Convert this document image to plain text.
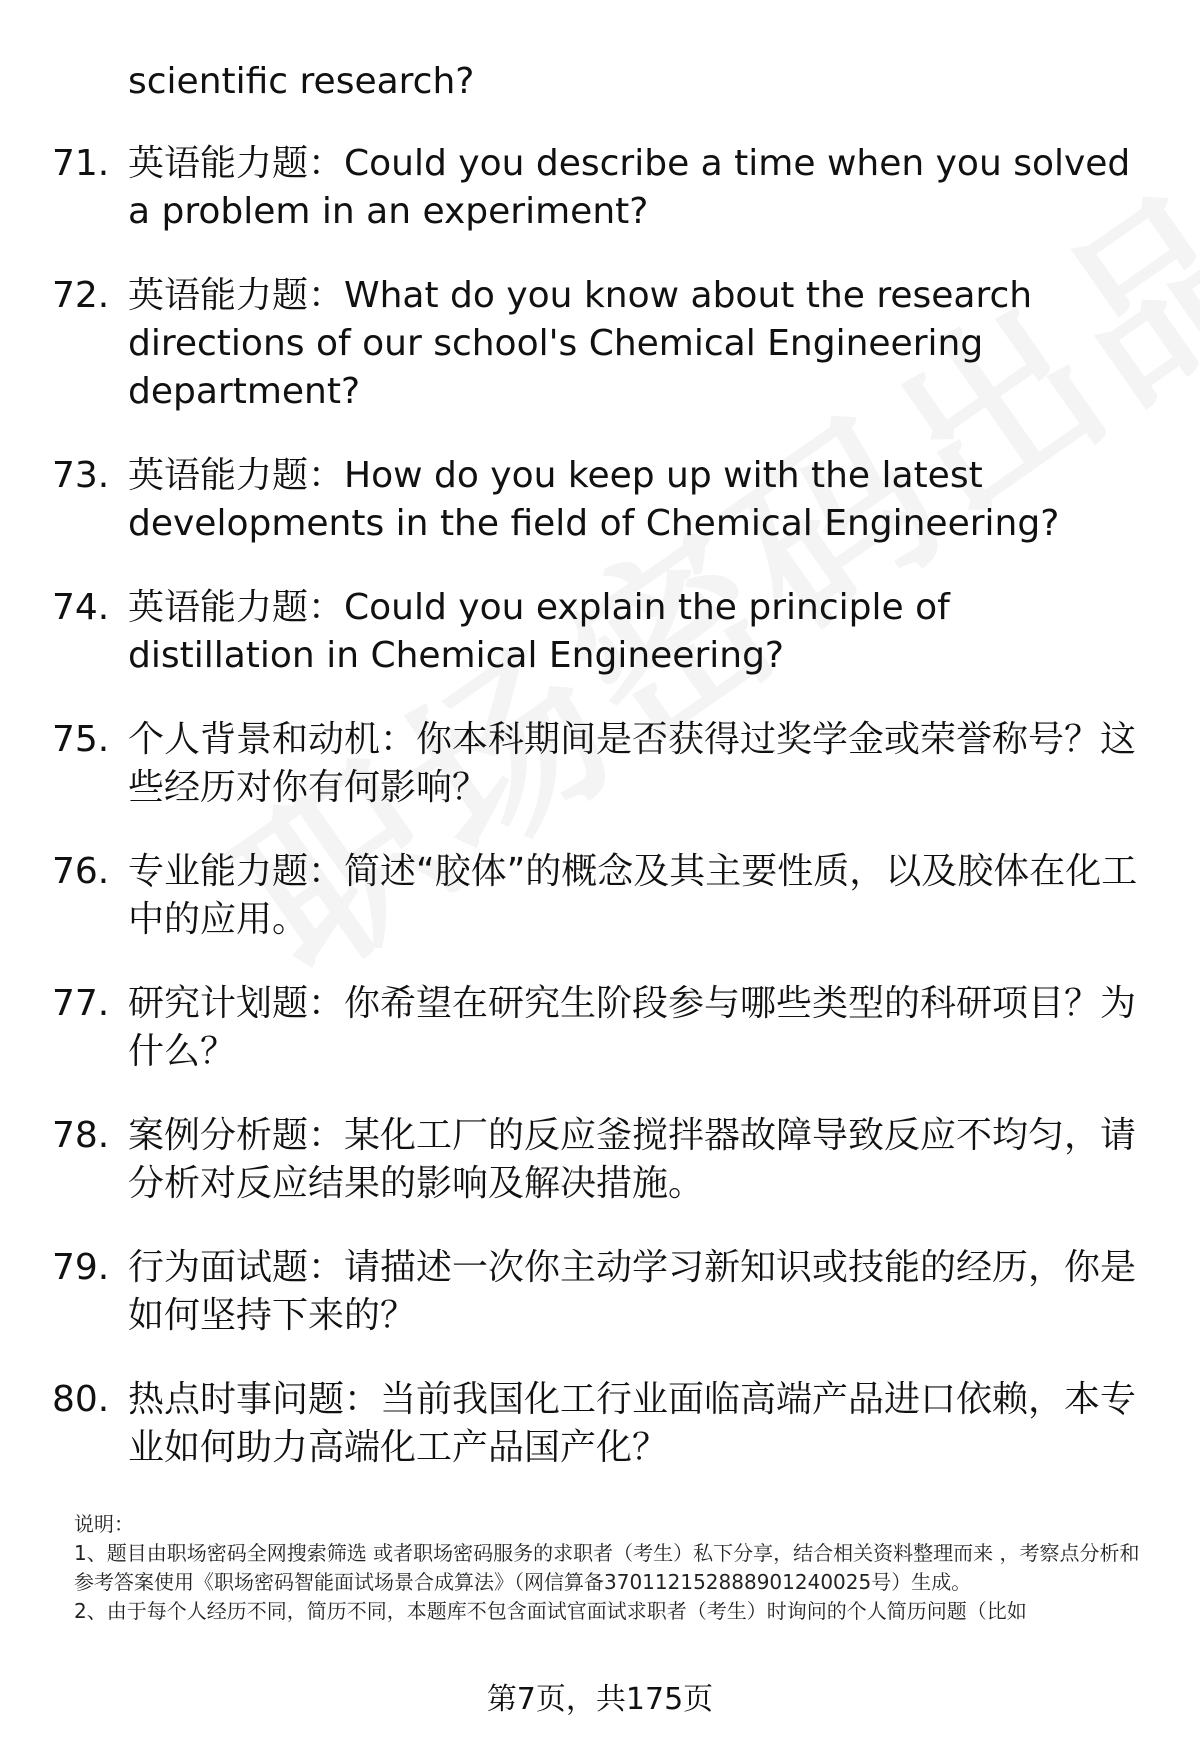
scientific research?
71. 英语能力题：Could you describe a time when you solved a problem in an experiment?
72. 英语能力题：What do you know about the research directions of our school's Chemical Engineering department?
73. 英语能力题：How do you keep up with the latest developments in the field of Chemical Engineering?
74. 英语能力题：Could you explain the principle of distillation in Chemical Engineering?
75. 个人背景和动机：你本科期间是否获得过奖学金或荣誉称号？这些经历对你有何影响？
76. 专业能力题：简述“胶体”的概念及其主要性质，以及胶体在化工中的应用。
77. 研究计划题：你希望在研究生阶段参与哪些类型的科研项目？为什么？
78. 案例分析题：某化工厂的反应釜搅拌器故障导致反应不均匀，请分析对反应结果的影响及解决措施。
79. 行为面试题：请描述一次你主动学习新知识或技能的经历，你是如何坚持下来的？
80. 热点时事问题：当前我国化工行业面临高端产品进口依赖，本专业如何助力高端化工产品国产化？

说明：

1、题目由职场密码全网搜索筛选 或者职场密码服务的求职者（考生）私下分享，结合相关资料整理而来 ，考察点分析和参考答案使用《职场密码智能面试场景合成算法》（网信算备370112152888901240025号）生成。

2、由于每个人经历不同，简历不同，本题库不包含面试官面试求职者（考生）时询问的个人简历问题（比如

第7页，共175页
